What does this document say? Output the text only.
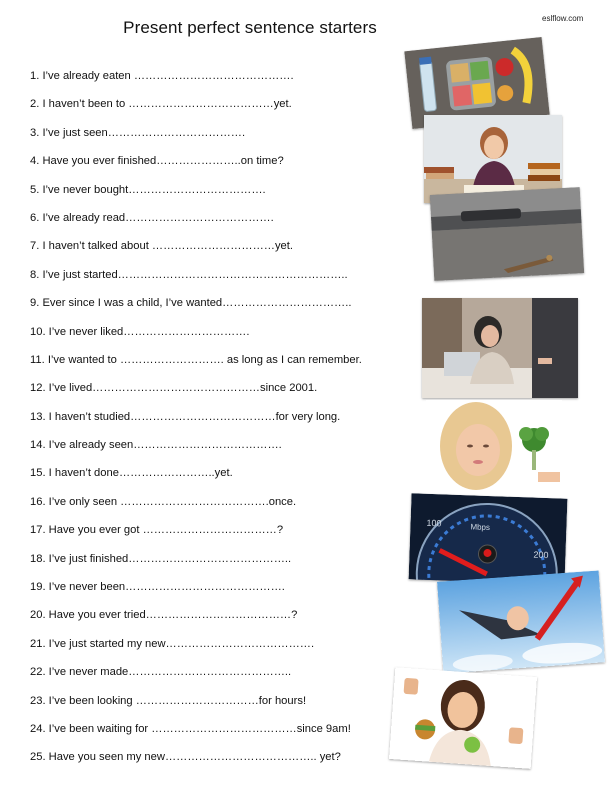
Present perfect sentence starters	eslflow.com
1. I’ve already eaten …………………………………….
2. I haven’t been to …………………………………yet.
3. I’ve just seen……………………………….
4. Have you ever finished…………………..on time?
5. I’ve never bought……………………………….
6. I’ve already read………………………………….
7. I haven’t talked about ……………………………yet.
8. I’ve just started……………………………………………………..
9. Ever since I was a child, I’ve wanted……………………………..
10. I’ve never liked…………………………….
11. I’ve wanted to ………………………. as long as I can remember.
12. I’ve lived………………………………………since 2001.
13. I haven’t studied…………………………………for very long.
14. I’ve already seen………………………………….
15. I haven’t done……………………..yet.
16. I’ve only seen ………………………………….once.
17. Have you ever got ………………………………?
18. I’ve just finished……………………………………..
19. I’ve never been…………………………………….
20. Have you ever tried…………………………………?
21. I’ve just started my new………………………………….
22. I’ve never made……………………………………..
23. I’ve been looking ……………………………for hours!
24. I’ve been waiting for …………………………………since 9am!
25. Have you seen my new………………………………….. yet?
100	Mbps
200
